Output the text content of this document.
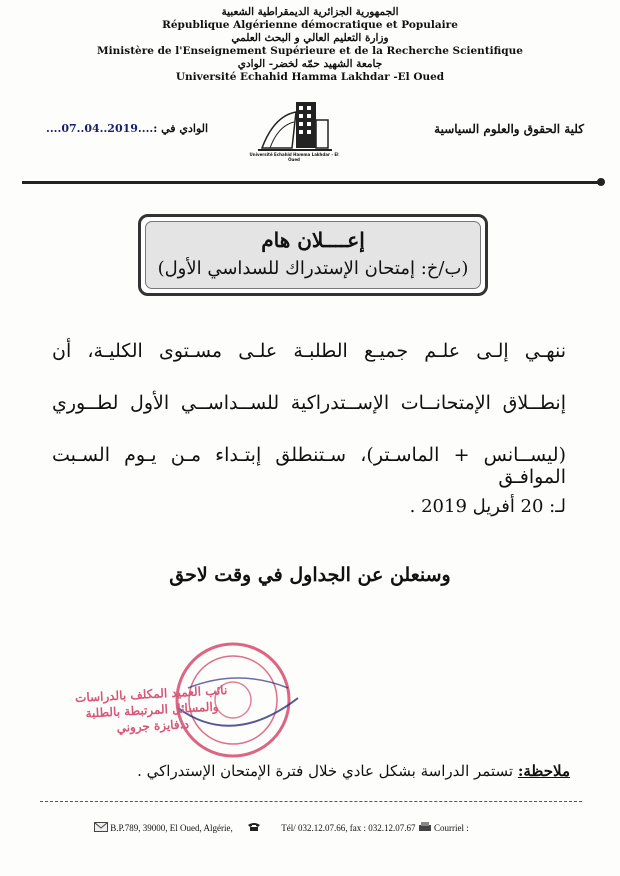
الجمهورية الجزائرية الديمقراطية الشعبية
République Algérienne démocratique et Populaire
وزارة التعليم العالي و البحث العلمي
Ministère de l'Enseignement Supérieure et de la Recherche Scientifique
جامعة الشهيد حمّه لخضر- الوادي
Université Echahid Hamma Lakhdar -El Oued
Université Echahid Hamma Lakhdar - El Oued
كلية الحقوق والعلوم السياسية
الوادي في :....2019..04..07....
إعــــلان هام
(ب/خ: إمتحان الإستدراك للسداسي الأول)
ننهـي إلـى علـم جميـع الطلبـة علـى مسـتوى الكليـة، أن
إنطــلاق الإمتحانــات الإســتدراكية للســداســي الأول لطــوري
(ليســانس + الماسـتر)، سـتنطلق إبتـداء مـن يـوم السـبت الموافـق
لـ: 20 أفريل 2019 .
وسنعلن عن الجداول في وقت لاحق
نائب العميد المكلف بالدراسات
والمسائل المرتبطة بالطلبة
د.فايزة جروني
ملاحظة: تستمر الدراسة بشكل عادي خلال فترة الإمتحان الإستدراكي .
B.P.789, 39000, El Oued, Algérie,	Tél/ 032.12.07.66, fax : 032.12.07.67 Courriel :
